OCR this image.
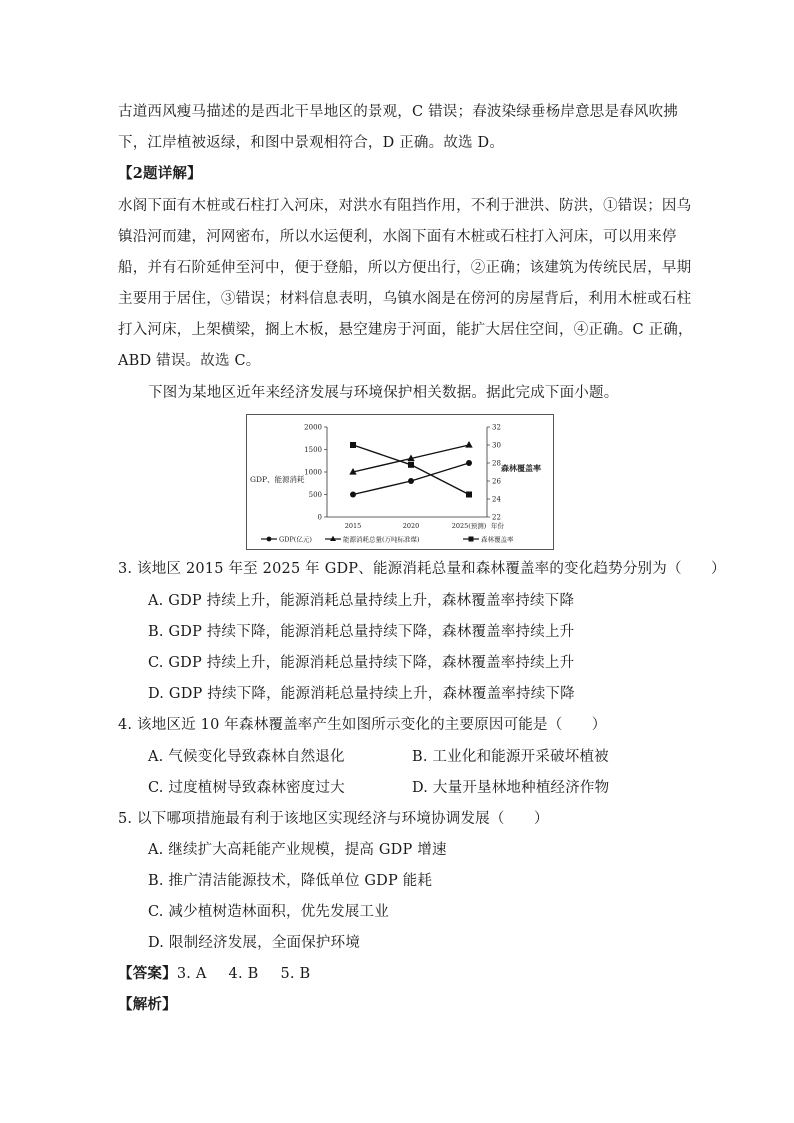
古道西风瘦马描述的是西北干旱地区的景观，C 错误；春波染绿垂杨岸意思是春风吹拂
下，江岸植被返绿，和图中景观相符合，D 正确。故选 D。
【2题详解】
水阁下面有木桩或石柱打入河床，对洪水有阻挡作用，不利于泄洪、防洪，①错误；因乌
镇沿河而建，河网密布，所以水运便利，水阁下面有木桩或石柱打入河床，可以用来停
船，并有石阶延伸至河中，便于登船，所以方便出行，②正确；该建筑为传统民居，早期
主要用于居住，③错误；材料信息表明，乌镇水阁是在傍河的房屋背后，利用木桩或石柱
打入河床，上架横梁，搁上木板，悬空建房于河面，能扩大居住空间，④正确。C 正确，
ABD 错误。故选 C。
下图为某地区近年来经济发展与环境保护相关数据。据此完成下面小题。
0
500
1000
1500
2000
22
24
26
28
30
32
2015	2020	2025(预测)
GDP、能源消耗
森林覆盖率
年份
GDP(亿元)	能源消耗总量(万吨标准煤)	森林覆盖率
3. 该地区 2015 年至 2025 年 GDP、能源消耗总量和森林覆盖率的变化趋势分别为（　　）
A. GDP 持续上升，能源消耗总量持续上升，森林覆盖率持续下降
B. GDP 持续下降，能源消耗总量持续下降，森林覆盖率持续上升
C. GDP 持续上升，能源消耗总量持续下降，森林覆盖率持续上升
D. GDP 持续下降，能源消耗总量持续上升，森林覆盖率持续下降
4. 该地区近 10 年森林覆盖率产生如图所示变化的主要原因可能是（　　）
A. 气候变化导致森林自然退化	B. 工业化和能源开采破坏植被
C. 过度植树导致森林密度过大	D. 大量开垦林地种植经济作物
5. 以下哪项措施最有利于该地区实现经济与环境协调发展（　　）
A. 继续扩大高耗能产业规模，提高 GDP 增速
B. 推广清洁能源技术，降低单位 GDP 能耗
C. 减少植树造林面积，优先发展工业
D. 限制经济发展，全面保护环境
【答案】3. A 4. B 5. B
【解析】
